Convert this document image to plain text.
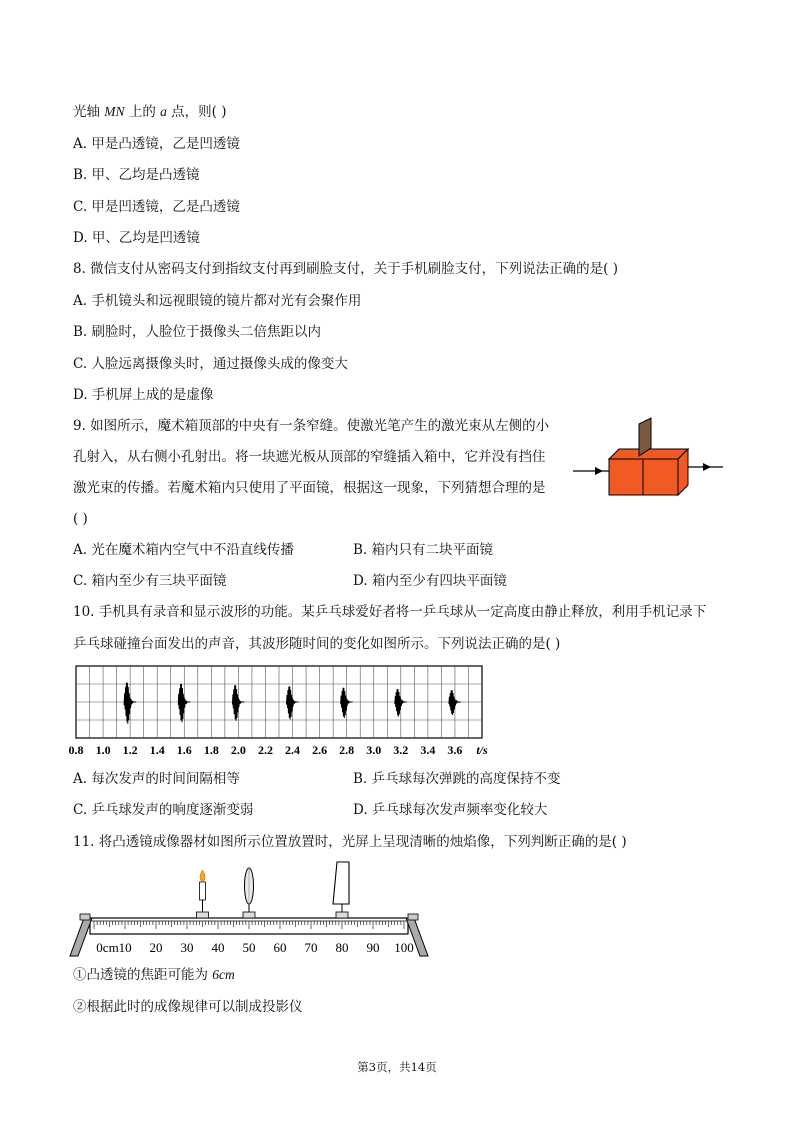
光轴 MN 上的 a 点，则( )
A. 甲是凸透镜，乙是凹透镜
B. 甲、乙均是凸透镜
C. 甲是凹透镜，乙是凸透镜
D. 甲、乙均是凹透镜
8. 微信支付从密码支付到指纹支付再到刷脸支付，关于手机刷脸支付，下列说法正确的是( )
A. 手机镜头和远视眼镜的镜片都对光有会聚作用
B. 刷脸时，人脸位于摄像头二倍焦距以内
C. 人脸远离摄像头时，通过摄像头成的像变大
D. 手机屏上成的是虚像
9. 如图所示，魔术箱顶部的中央有一条窄缝。使激光笔产生的激光束从左侧的小
孔射入，从右侧小孔射出。将一块遮光板从顶部的窄缝插入箱中，它并没有挡住
激光束的传播。若魔术箱内只使用了平面镜，根据这一现象，下列猜想合理的是
( )
A. 光在魔术箱内空气中不沿直线传播	B. 箱内只有二块平面镜
C. 箱内至少有三块平面镜	D. 箱内至少有四块平面镜
10. 手机具有录音和显示波形的功能。某乒乓球爱好者将一乒乓球从一定高度由静止释放，利用手机记录下
乒乓球碰撞台面发出的声音，其波形随时间的变化如图所示。下列说法正确的是( )
0.8 1.0 1.2 1.4 1.6 1.8 2.0 2.2 2.4 2.6 2.8 3.0 3.2 3.4 3.6 t/s
A. 每次发声的时间间隔相等	B. 乒乓球每次弹跳的高度保持不变
C. 乒乓球发声的响度逐渐变弱	D. 乒乓球每次发声频率变化较大
11. 将凸透镜成像器材如图所示位置放置时，光屏上呈现清晰的烛焰像，下列判断正确的是( )
0cm10 20 30 40 50 60 70 80 90 100
①凸透镜的焦距可能为 6cm
②根据此时的成像规律可以制成投影仪
第3页，共14页
